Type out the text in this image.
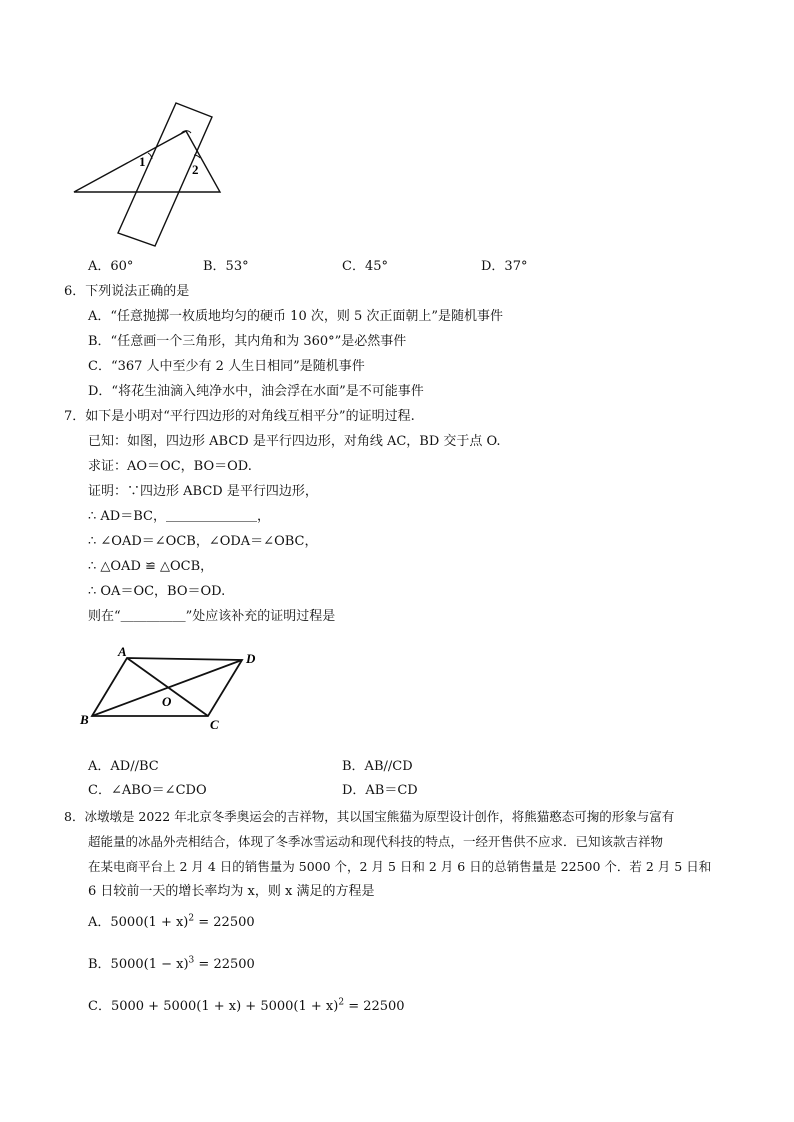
1
2
A．60°	B．53°	C．45°	D．37°
6．下列说法正确的是
A．“任意抛掷一枚质地均匀的硬币 10 次，则 5 次正面朝上”是随机事件
B．“任意画一个三角形，其内角和为 360°”是必然事件
C．“367 人中至少有 2 人生日相同”是随机事件
D．“将花生油滴入纯净水中，油会浮在水面”是不可能事件
7．如下是小明对“平行四边形的对角线互相平分”的证明过程.
已知：如图，四边形 ABCD 是平行四边形，对角线 AC，BD 交于点 O.
求证：AO＝OC，BO＝OD.
证明：∵四边形 ABCD 是平行四边形，
∴ AD＝BC，＿＿＿＿＿＿＿，
∴ ∠OAD＝∠OCB，∠ODA＝∠OBC，
∴ △OAD ≌ △OCB，
∴ OA＝OC，BO＝OD.
则在“＿＿＿＿＿”处应该补充的证明过程是
A	D
O
B	C
A．AD//BC	B．AB//CD
C．∠ABO＝∠CDO	D．AB＝CD
8．冰墩墩是 2022 年北京冬季奥运会的吉祥物，其以国宝熊猫为原型设计创作，将熊猫憨态可掬的形象与富有
超能量的冰晶外壳相结合，体现了冬季冰雪运动和现代科技的特点，一经开售供不应求．已知该款吉祥物
在某电商平台上 2 月 4 日的销售量为 5000 个，2 月 5 日和 2 月 6 日的总销售量是 22500 个．若 2 月 5 日和
6 日较前一天的增长率均为 x，则 x 满足的方程是
A．$5000(1 + x)^2 = 22500$
B．$5000(1 - x)^3 = 22500$
C．$5000 + 5000(1 + x) + 5000(1 + x)^2 = 22500$
